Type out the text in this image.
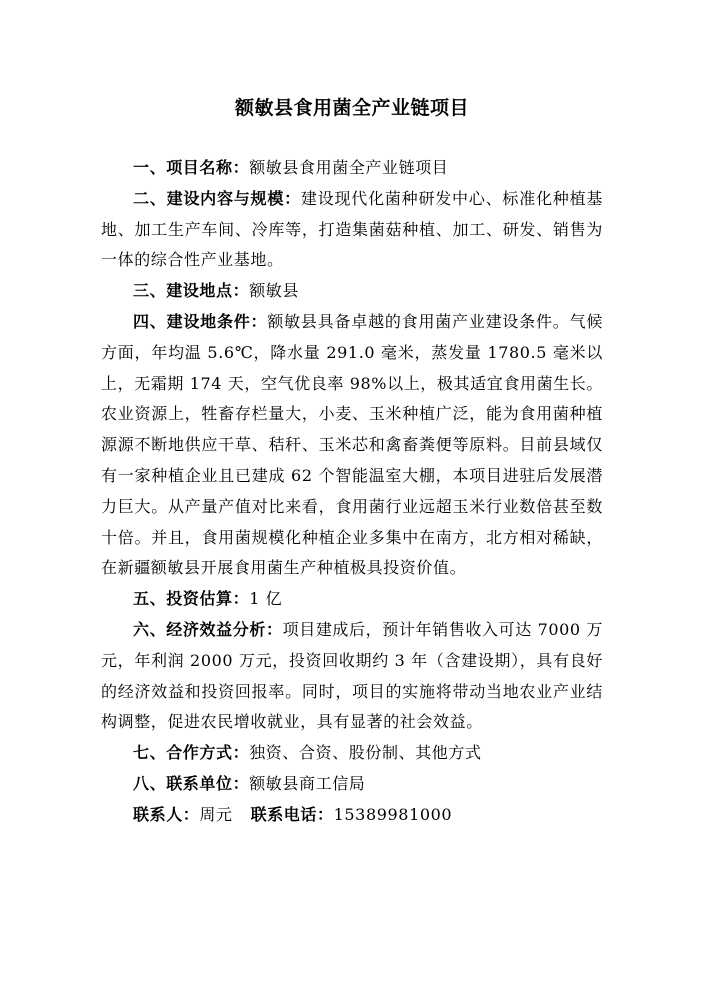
额敏县食用菌全产业链项目

一、项目名称：额敏县食用菌全产业链项目

二、建设内容与规模：建设现代化菌种研发中心、标准化种植基地、加工生产车间、冷库等，打造集菌菇种植、加工、研发、销售为一体的综合性产业基地。

三、建设地点：额敏县

四、建设地条件：额敏县具备卓越的食用菌产业建设条件。气候方面，年均温 5.6℃，降水量 291.0 毫米，蒸发量 1780.5 毫米以上，无霜期 174 天，空气优良率 98%以上，极其适宜食用菌生长。农业资源上，牲畜存栏量大，小麦、玉米种植广泛，能为食用菌种植源源不断地供应干草、秸秆、玉米芯和禽畜粪便等原料。目前县域仅有一家种植企业且已建成 62 个智能温室大棚，本项目进驻后发展潜力巨大。从产量产值对比来看，食用菌行业远超玉米行业数倍甚至数十倍。并且，食用菌规模化种植企业多集中在南方，北方相对稀缺，在新疆额敏县开展食用菌生产种植极具投资价值。

五、投资估算：1 亿

六、经济效益分析：项目建成后，预计年销售收入可达 7000 万元，年利润 2000 万元，投资回收期约 3 年（含建设期），具有良好的经济效益和投资回报率。同时，项目的实施将带动当地农业产业结构调整，促进农民增收就业，具有显著的社会效益。

七、合作方式：独资、合资、股份制、其他方式

八、联系单位：额敏县商工信局

联系人：周元 联系电话：15389981000
